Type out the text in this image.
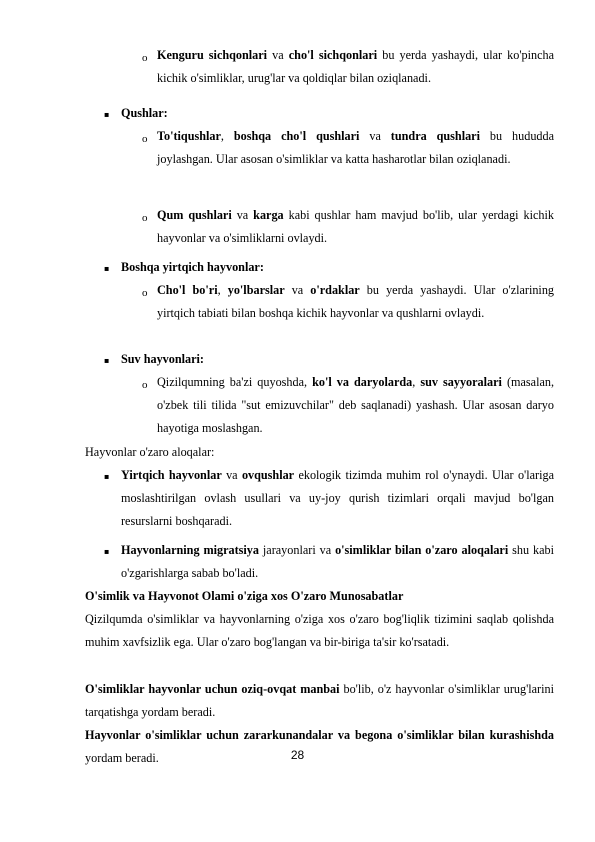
o Kenguru sichqonlari va cho'l sichqonlari bu yerda yashaydi, ular ko'pincha kichik o'simliklar, urug'lar va qoldiqlar bilan oziqlanadi.
▪ Qushlar:
o To'tiqushlar, boshqa cho'l qushlari va tundra qushlari bu hududda joylashgan. Ular asosan o'simliklar va katta hasharotlar bilan oziqlanadi.
o Qum qushlari va karga kabi qushlar ham mavjud bo'lib, ular yerdagi kichik hayvonlar va o'simliklarni ovlaydi.
▪ Boshqa yirtqich hayvonlar:
o Cho'l bo'ri, yo'lbarslar va o'rdaklar bu yerda yashaydi. Ular o'zlarining yirtqich tabiati bilan boshqa kichik hayvonlar va qushlarni ovlaydi.
▪ Suv hayvonlari:
o Qizilqumning ba'zi quyoshda, ko'l va daryolarda, suv sayyoralari (masalan, o'zbek tili tilida "sut emizuvchilar" deb saqlanadi) yashash. Ular asosan daryo hayotiga moslashgan.
Hayvonlar o'zaro aloqalar:
▪ Yirtqich hayvonlar va ovqushlar ekologik tizimda muhim rol o'ynaydi. Ular o'lariga moslashtirilgan ovlash usullari va uy-joy qurish tizimlari orqali mavjud bo'lgan resurslarni boshqaradi.
▪ Hayvonlarning migratsiya jarayonlari va o'simliklar bilan o'zaro aloqalari shu kabi o'zgarishlarga sabab bo'ladi.
O'simlik va Hayvonot Olami o'ziga xos O'zaro Munosabatlar
Qizilqumda o'simliklar va hayvonlarning o'ziga xos o'zaro bog'liqlik tizimini saqlab qolishda muhim xavfsizlik ega. Ular o'zaro bog'langan va bir-biriga ta'sir ko'rsatadi.
O'simliklar hayvonlar uchun oziq-ovqat manbai bo'lib, o'z hayvonlar o'simliklar urug'larini tarqatishga yordam beradi.
Hayvonlar o'simliklar uchun zararkunandalar va begona o'simliklar bilan kurashishda yordam beradi.	28
